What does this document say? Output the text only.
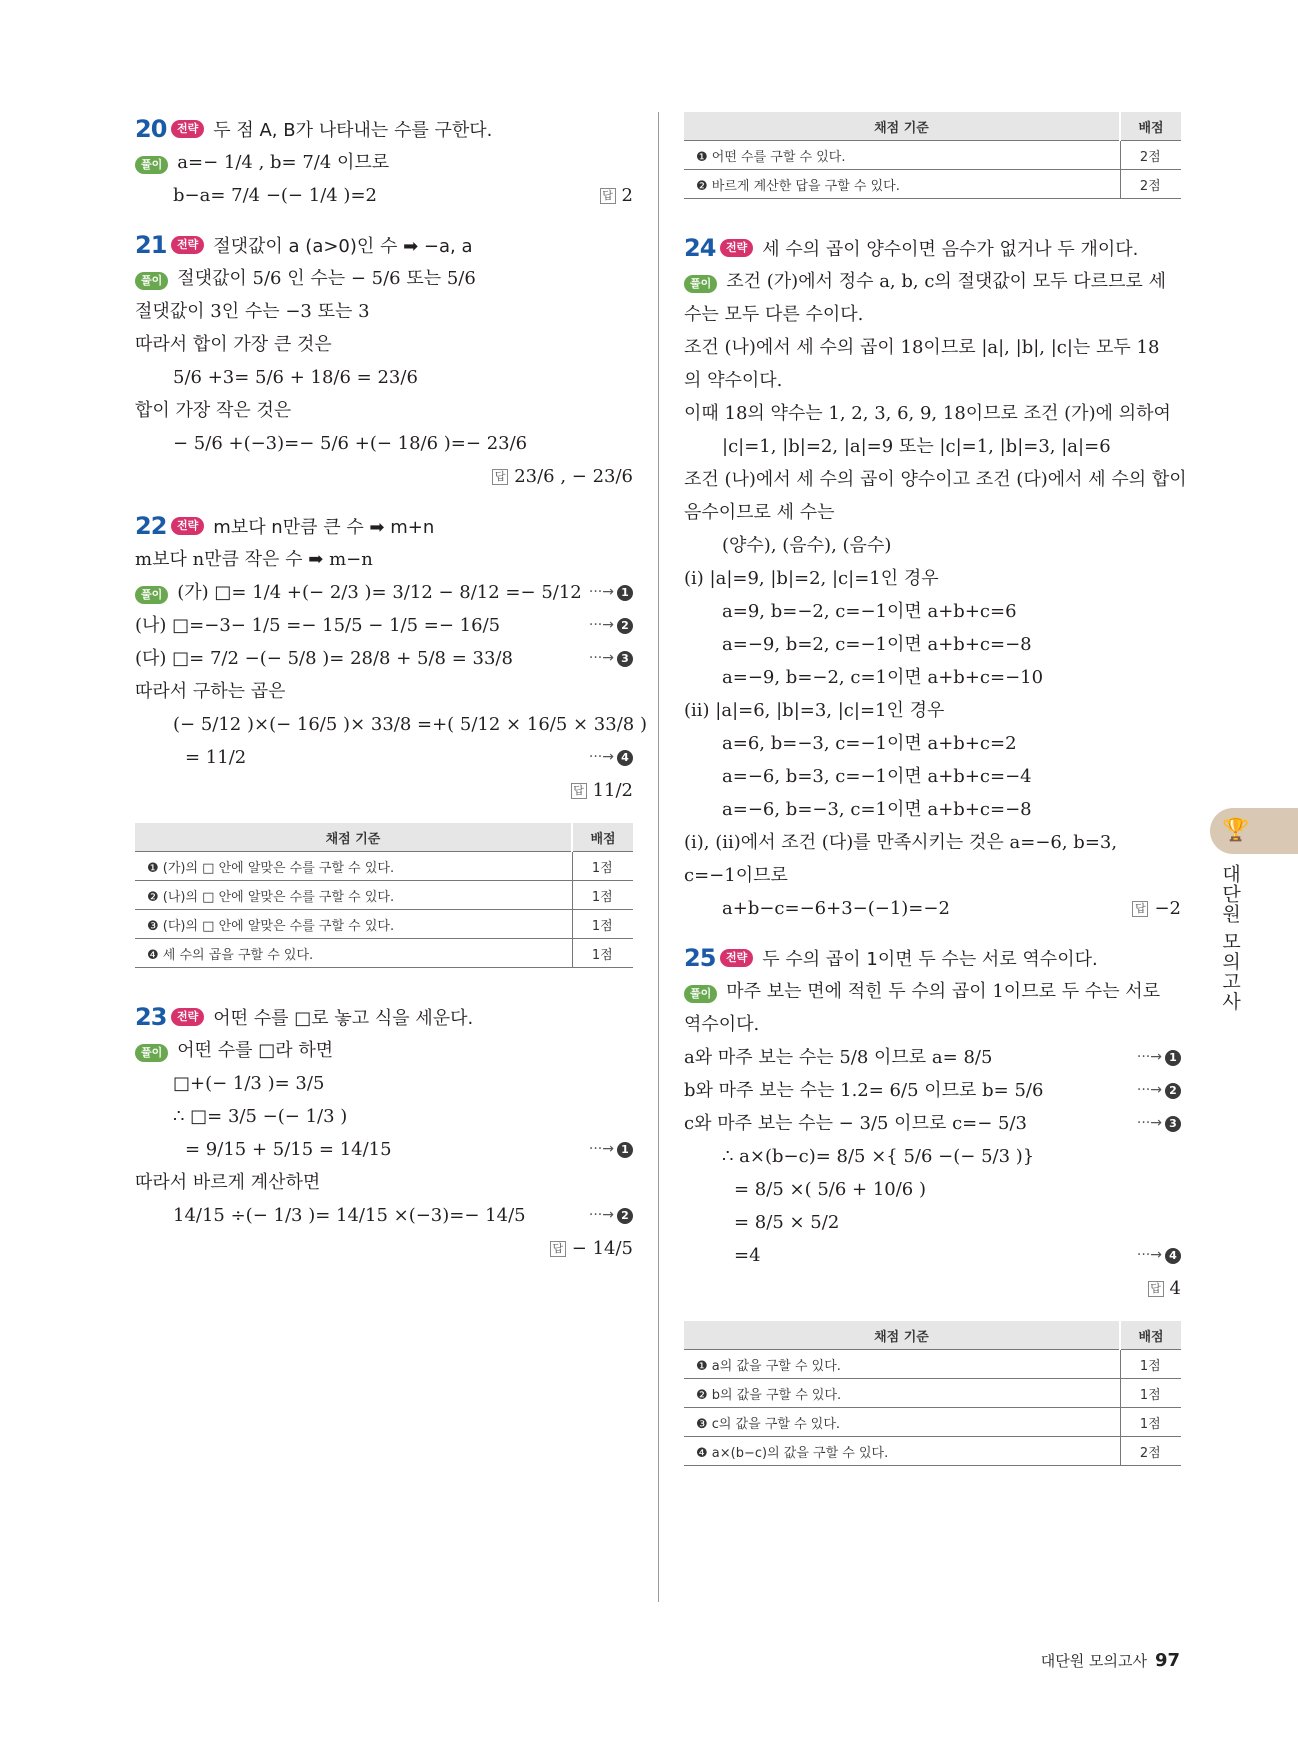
20 전략 두 점 A, B가 나타내는 수를 구한다.
풀이 a=− 1/4 , b= 7/4 이므로
b−a= 7/4 −(− 1/4 )=2	답 2
21 전략 절댓값이 a (a>0)인 수 ➡ −a, a
풀이 절댓값이 5/6 인 수는 − 5/6 또는 5/6
절댓값이 3인 수는 −3 또는 3
따라서 합이 가장 큰 것은
5/6 +3= 5/6 + 18/6 = 23/6
합이 가장 작은 것은
− 5/6 +(−3)=− 5/6 +(− 18/6 )=− 23/6
답 23/6 , − 23/6
22 전략 m보다 n만큼 큰 수 ➡ m+n
m보다 n만큼 작은 수 ➡ m−n
풀이 (가) □= 1/4 +(− 2/3 )= 3/12 − 8/12 =− 5/12 ···→ 1
(나) □=−3− 1/5 =− 15/5 − 1/5 =− 16/5	···→ 2
(다) □= 7/2 −(− 5/8 )= 28/8 + 5/8 = 33/8	···→ 3
따라서 구하는 곱은
(− 5/12 )×(− 16/5 )× 33/8 =+( 5/12 × 16/5 × 33/8 )
= 11/2	···→ 4
답 11/2
채점 기준	배점
❶ (가)의 □ 안에 알맞은 수를 구할 수 있다.	1점
❷ (나)의 □ 안에 알맞은 수를 구할 수 있다.	1점
❸ (다)의 □ 안에 알맞은 수를 구할 수 있다.	1점
❹ 세 수의 곱을 구할 수 있다.	1점
23 전략 어떤 수를 □로 놓고 식을 세운다.
풀이 어떤 수를 □라 하면
□+(− 1/3 )= 3/5
∴ □= 3/5 −(− 1/3 )
= 9/15 + 5/15 = 14/15	···→ 1
따라서 바르게 계산하면
14/15 ÷(− 1/3 )= 14/15 ×(−3)=− 14/5	···→ 2
답 − 14/5
채점 기준	배점
❶ 어떤 수를 구할 수 있다.	2점
❷ 바르게 계산한 답을 구할 수 있다.	2점
24 전략 세 수의 곱이 양수이면 음수가 없거나 두 개이다.
풀이 조건 (가)에서 정수 a, b, c의 절댓값이 모두 다르므로 세
수는 모두 다른 수이다.
조건 (나)에서 세 수의 곱이 18이므로 |a|, |b|, |c|는 모두 18
의 약수이다.
이때 18의 약수는 1, 2, 3, 6, 9, 18이므로 조건 (가)에 의하여
|c|=1, |b|=2, |a|=9 또는 |c|=1, |b|=3, |a|=6
조건 (나)에서 세 수의 곱이 양수이고 조건 (다)에서 세 수의 합이
음수이므로 세 수는
(양수), (음수), (음수)
(i) |a|=9, |b|=2, |c|=1인 경우
a=9, b=−2, c=−1이면 a+b+c=6
a=−9, b=2, c=−1이면 a+b+c=−8
a=−9, b=−2, c=1이면 a+b+c=−10
(ii) |a|=6, |b|=3, |c|=1인 경우
a=6, b=−3, c=−1이면 a+b+c=2
a=−6, b=3, c=−1이면 a+b+c=−4
a=−6, b=−3, c=1이면 a+b+c=−8
(i), (ii)에서 조건 (다)를 만족시키는 것은 a=−6, b=3,
c=−1이므로
a+b−c=−6+3−(−1)=−2	답 −2
25 전략 두 수의 곱이 1이면 두 수는 서로 역수이다.
풀이 마주 보는 면에 적힌 두 수의 곱이 1이므로 두 수는 서로
역수이다.
a와 마주 보는 수는 5/8 이므로 a= 8/5	···→ 1
b와 마주 보는 수는 1.2= 6/5 이므로 b= 5/6	···→ 2
c와 마주 보는 수는 − 3/5 이므로 c=− 5/3	···→ 3
∴ a×(b−c)= 8/5 ×{ 5/6 −(− 5/3 )}
= 8/5 ×( 5/6 + 10/6 )
= 8/5 × 5/2
=4	···→ 4
답 4
채점 기준	배점
❶ a의 값을 구할 수 있다.	1점
❷ b의 값을 구할 수 있다.	1점
❸ c의 값을 구할 수 있다.	1점
❹ a×(b−c)의 값을 구할 수 있다.	2점
🏆
대단원 모의고사
대단원 모의고사 97
